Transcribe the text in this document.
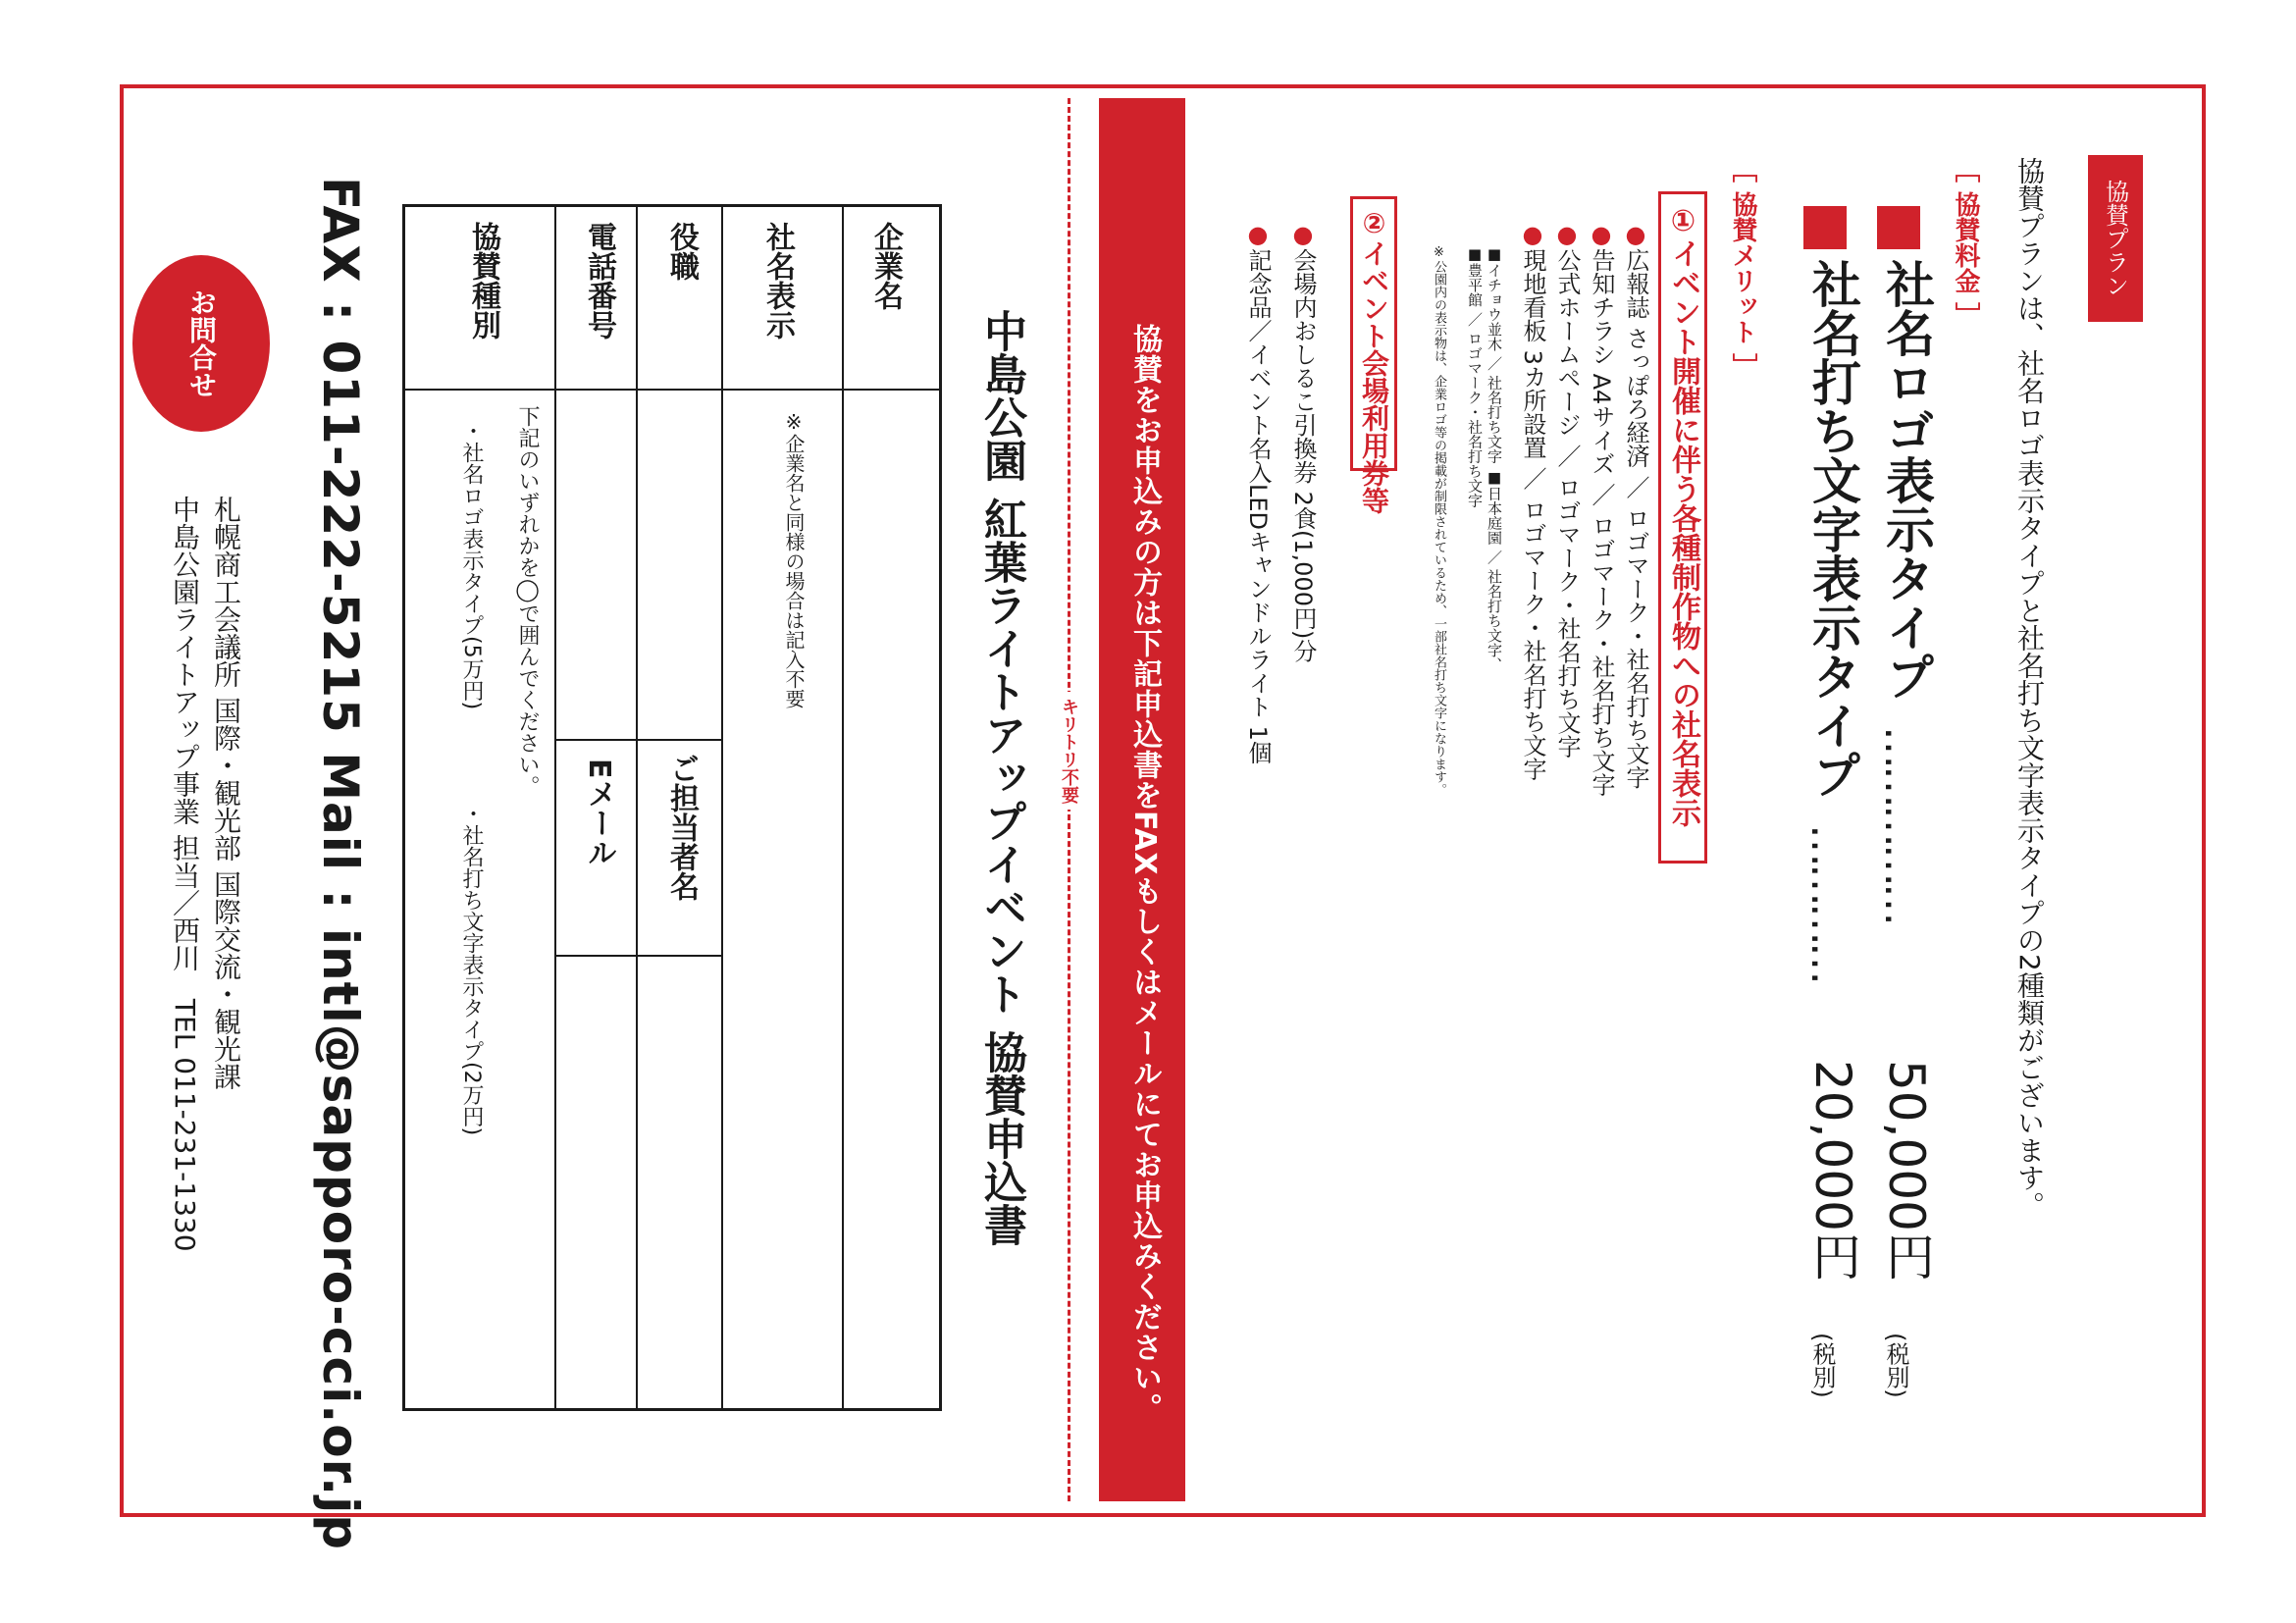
協賛プラン
協賛プランは、社名ロゴ表示タイプと社名打ち文字表示タイプの2種類がございます。
［ 協賛料金 ］
社名ロゴ表示タイプ
……………
50,000円
(税別)
社名打ち文字表示タイプ
…………
20,000円
(税別)
［ 協賛メリット ］
①イベント開催に伴う各種制作物への社名表示
●広報誌 さっぽろ経済 ／ ロゴマーク・社名打ち文字
●告知チラシ A4サイズ ／ ロゴマーク・社名打ち文字
●公式ホームページ ／ ロゴマーク・社名打ち文字
●現地看板 3カ所設置 ／ ロゴマーク・社名打ち文字
■イチョウ並木 ／ 社名打ち文字 ■日本庭園 ／ 社名打ち文字、
■豊平館 ／ ロゴマーク・社名打ち文字
※公園内の表示物は、企業ロゴ等の掲載が制限されているため、一部社名打ち文字になります。
②イベント会場利用券等
●会場内おしるこ引換券 2食(1,000円)分
●記念品／イベント名入LEDキャンドルライト 1個
協賛をお申込みの方は下記申込書をFAXもしくはメールにてお申込みください。
キリトリ不要
中島公園 紅葉ライトアップイベント 協賛申込書
企業名
社名表示
※企業名と同様の場合は記入不要
役職
ご担当者名
電話番号
Eメール
協賛種別
下記のいずれかを◯で囲んでください。
・社名ロゴ表示タイプ(5万円)
・社名打ち文字表示タイプ(2万円)
FAX : 011-222-5215 Mail : intl@sapporo-cci.or.jp
お問合せ
札幌商工会議所 国際・観光部 国際交流・観光課
中島公園ライトアップ事業 担当／西川　TEL 011-231-1330
